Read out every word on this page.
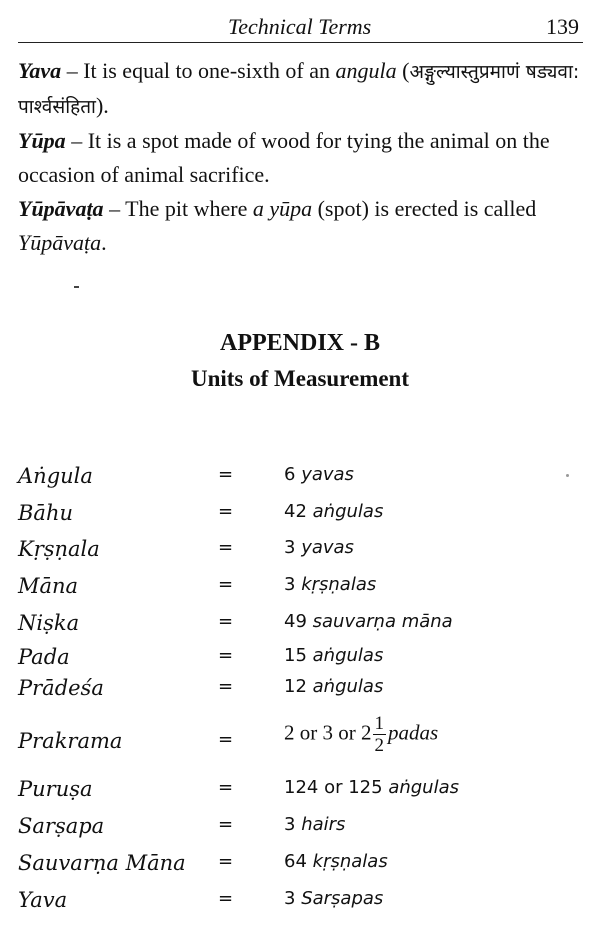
Technical Terms	139

Yava – It is equal to one-sixth of an angula (अङ्गुल्यास्तुप्रमाणं षड्यवा: पार्श्वसंहिता).

Yūpa – It is a spot made of wood for tying the animal on the occasion of animal sacrifice.

Yūpāvaṭa – The pit where a yūpa (spot) is erected is called Yūpāvaṭa.

APPENDIX - B
Units of Measurement
Aṅgula	=	6 yavas
Bāhu	=	42 aṅgulas
Kṛṣṇala	=	3 yavas
Māna	=	3 kṛṣṇalas
Niṣka	=	49 sauvarṇa māna
Pada	=	15 aṅgulas
Prādeśa	=	12 aṅgulas
Prakrama	= 2 or 3 or $2 \frac{1}{2}$ padas
Puruṣa	=	124 or 125 aṅgulas
Sarṣapa	=	3 hairs
Sauvarṇa Māna =	64 kṛṣṇalas
Yava	=	3 Sarṣapas
